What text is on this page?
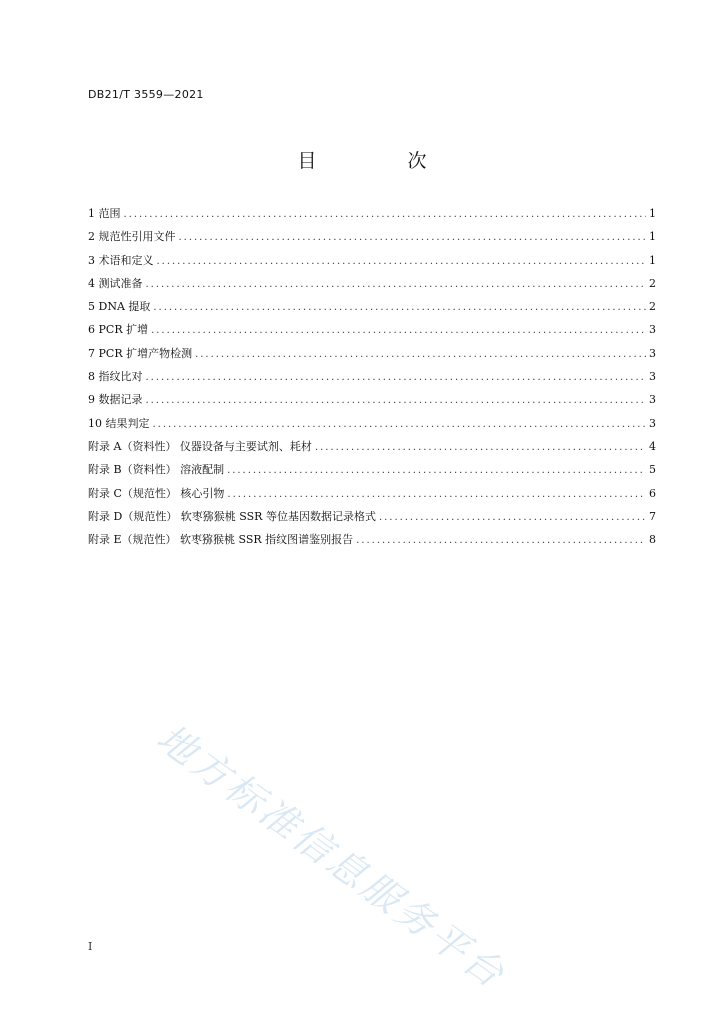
DB21/T 3559—2021
目　次
1 范围 . . .	1
2 规范性引用文件 . . .	1
3 术语和定义 . . .	1
4 测试准备 . . .	2
5 DNA 提取 . . .	2
6 PCR 扩增 . . .	3
7 PCR 扩增产物检测 . . .	3
8 指纹比对 . . .	3
9 数据记录 . . .	3
10 结果判定 . . .	3
附录 A（资料性） 仪器设备与主要试剂、耗材 . . .	4
附录 B（资料性） 溶液配制 . . .	5
附录 C（规范性） 核心引物 . . .	6
附录 D（规范性） 软枣猕猴桃 SSR 等位基因数据记录格式 . . .	7
附录 E（规范性） 软枣猕猴桃 SSR 指纹图谱鉴别报告 . . .	8
地方标准信息服务平台
I
